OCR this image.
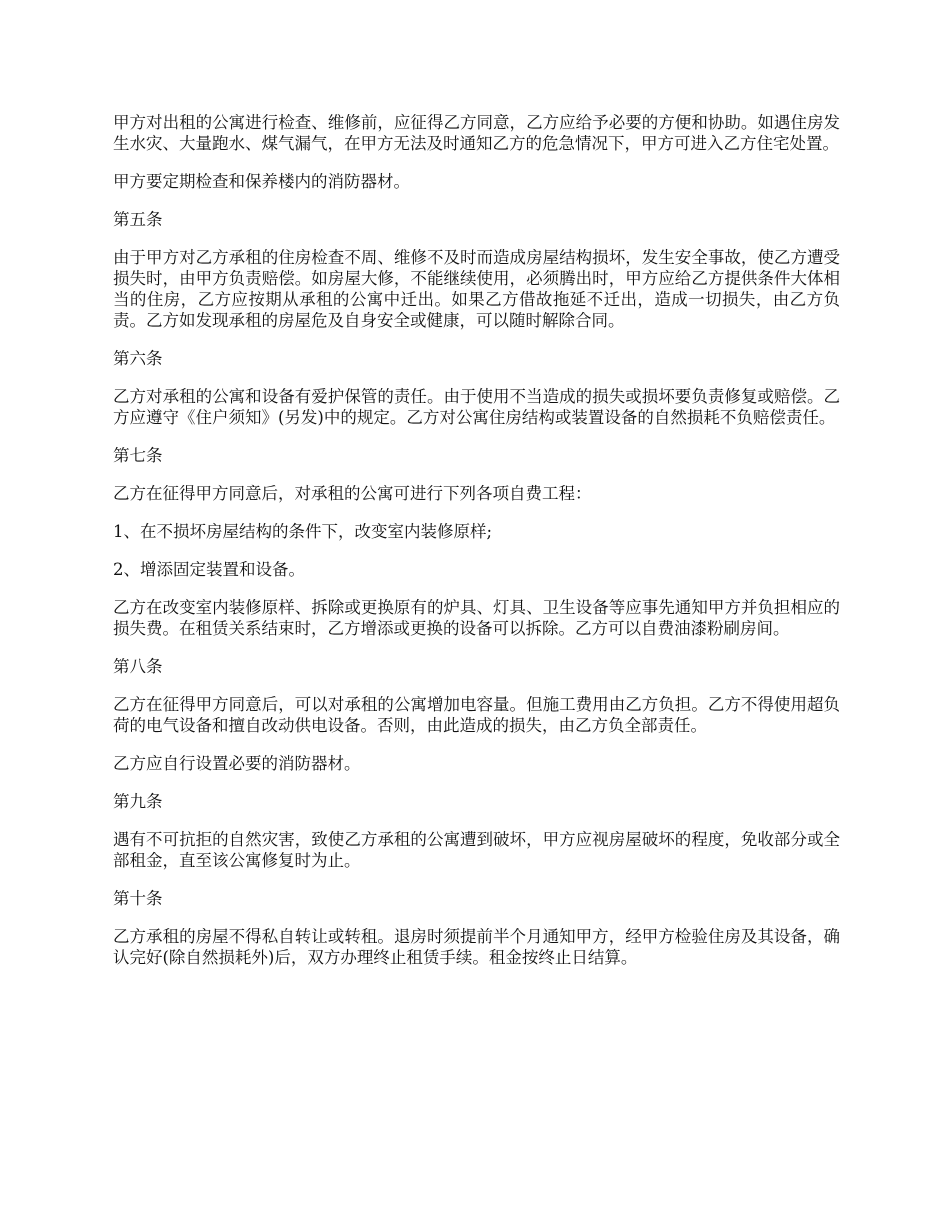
甲方对出租的公寓进行检查、维修前，应征得乙方同意，乙方应给予必要的方便和协助。如遇住房发生水灾、大量跑水、煤气漏气，在甲方无法及时通知乙方的危急情况下，甲方可进入乙方住宅处置。

甲方要定期检查和保养楼内的消防器材。

第五条

由于甲方对乙方承租的住房检查不周、维修不及时而造成房屋结构损坏，发生安全事故，使乙方遭受损失时，由甲方负责赔偿。如房屋大修，不能继续使用，必须腾出时，甲方应给乙方提供条件大体相当的住房，乙方应按期从承租的公寓中迁出。如果乙方借故拖延不迁出，造成一切损失，由乙方负责。乙方如发现承租的房屋危及自身安全或健康，可以随时解除合同。

第六条

乙方对承租的公寓和设备有爱护保管的责任。由于使用不当造成的损失或损坏要负责修复或赔偿。乙方应遵守《住户须知》(另发)中的规定。乙方对公寓住房结构或装置设备的自然损耗不负赔偿责任。

第七条

乙方在征得甲方同意后，对承租的公寓可进行下列各项自费工程：

1、在不损坏房屋结构的条件下，改变室内装修原样;

2、增添固定装置和设备。

乙方在改变室内装修原样、拆除或更换原有的炉具、灯具、卫生设备等应事先通知甲方并负担相应的损失费。在租赁关系结束时，乙方增添或更换的设备可以拆除。乙方可以自费油漆粉刷房间。

第八条

乙方在征得甲方同意后，可以对承租的公寓增加电容量。但施工费用由乙方负担。乙方不得使用超负荷的电气设备和擅自改动供电设备。否则，由此造成的损失，由乙方负全部责任。

乙方应自行设置必要的消防器材。

第九条

遇有不可抗拒的自然灾害，致使乙方承租的公寓遭到破坏，甲方应视房屋破坏的程度，免收部分或全部租金，直至该公寓修复时为止。

第十条

乙方承租的房屋不得私自转让或转租。退房时须提前半个月通知甲方，经甲方检验住房及其设备，确认完好(除自然损耗外)后，双方办理终止租赁手续。租金按终止日结算。
